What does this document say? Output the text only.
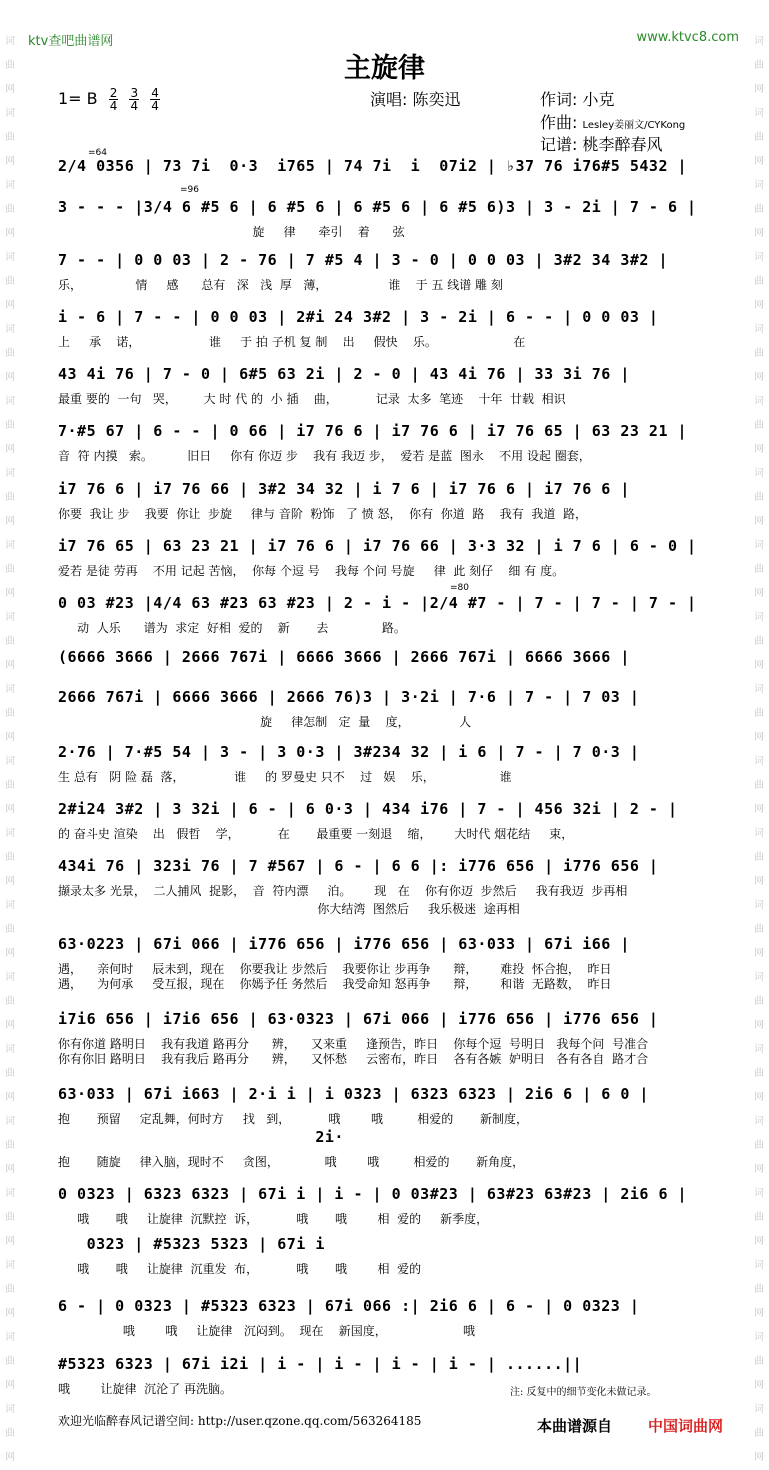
词曲网词曲网词曲网词曲网词曲网词曲网词曲网词曲网词曲网词曲网词曲网词曲网词曲网词曲网词曲网词曲网词曲网词曲网词曲网词曲网
词曲网词曲网词曲网词曲网词曲网词曲网词曲网词曲网词曲网词曲网词曲网词曲网词曲网词曲网词曲网词曲网词曲网词曲网词曲网词曲网
ktv查吧曲谱网	www.ktvc8.com
主旋律
1= B $\frac{2}{4}$
$\frac{3}{4}$
$\frac{4}{4}$	演唱: 陈奕迅	作词: 小克
作曲: Lesley姜丽文/CYKong
记谱: 桃李醉春风
=64
=96
=80
2/4 0356 | 73 7i  0·3  i765 | 74 7i  i  07i2 | ♭37 76 i76#5 5432 |
3 - - - |3/4 6 #5 6 | 6 #5 6 | 6 #5 6 | 6 #5 6)3 | 3 - 2i | 7 - 6 |
旋     律      牵引    着      弦
7 - - | 0 0 03 | 2 - 76 | 7 #5 4 | 3 - 0 | 0 0 03 | 3#2 34 3#2 |
乐，              情     感      总有   深   浅  厚   薄，                谁    于 五 线谱 雕 刻
i - 6 | 7 - - | 0 0 03 | 2#i 24 3#2 | 3 - 2i | 6 - - | 0 0 03 |
上     承    诺，                  谁     于 拍 子机 复 制    出     假快    乐。                    在
43 4i 76 | 7 - 0 | 6#5 63 2i | 2 - 0 | 43 4i 76 | 33 3i 76 |
最重 要的  一句   哭，       大 时 代 的  小 插    曲，          记录  太多  笔迹    十年  廿载  相识
7·#5 67 | 6 - - | 0 66 | i7 76 6 | i7 76 6 | i7 76 65 | 63 23 21 |
音  符 内摸   索。         旧日     你有 你迈 步    我有 我迈 步，  爱若 是蓝  图永    不用 设起 圈套，
i7 76 6 | i7 76 66 | 3#2 34 32 | i 7 6 | i7 76 6 | i7 76 6 |
你要  我让 步    我要  你让  步旋     律与 音阶  粉饰   了 愤 怒，  你有  你道  路    我有  我道  路，
i7 76 65 | 63 23 21 | i7 76 6 | i7 76 66 | 3·3 32 | i 7 6 | 6 - 0 |
爱若 是徒 劳再    不用 记起 苦恼，  你每 个逗 号    我每 个问 号旋     律  此 刻仔    细 有 度。
0 03 #23 |4/4 63 #23 63 #23 | 2 - i - |2/4 #7 - | 7 - | 7 - | 7 - |
动  人乐      谱为  求定  好相  爱的    新       去              路。
(6666 3666 | 2666 767i | 6666 3666 | 2666 767i | 6666 3666 |
2666 767i | 6666 3666 | 2666 76)3 | 3·2i | 7·6 | 7 - | 7 03 |
旋     律怎制   定  量    度，             人
2·76 | 7·#5 54 | 3 - | 3 0·3 | 3#234 32 | i 6 | 7 - | 7 0·3 |
生 总有   阴 险 磊  落，             谁     的 罗曼史 只不    过   娱    乐，                 谁
2#i24 3#2 | 3 32i | 6 - | 6 0·3 | 434 i76 | 7 - | 456 32i | 2 - |
的 奋斗史 渲染    出   假哲    学，          在       最重要 一刻退    缩，      大时代 烟花结     束，
434i 76 | 323i 76 | 7 #567 | 6 - | 6 6 |: i776 656 | i776 656 |
撷录太多 光景，  二人捕风  捉影，  音  符内漂     泊。      现   在    你有你迈  步然后     我有我迈  步再相
你大结湾  图然后     我乐极迷  途再相
63·0223 | 67i 066 | i776 656 | i776 656 | 63·033 | 67i i66 |
遇，    亲何时     辰未到，现在    你要我让 步然后    我要你让 步再争      辩，      难投  怀合抱，  昨日
遇，    为何承     受互报，现在    你嫣予任 务然后    我受命知 怒再争      辩，      和谐  无路数，  昨日
i7i6 656 | i7i6 656 | 63·0323 | 67i 066 | i776 656 | i776 656 |
你有你道 路明日    我有我道 路再分      辨，    又来重     逢预告，昨日    你每个逗  号明日   我每个问  号准合
你有你旧 路明日    我有我后 路再分      辨，    又怀愁     云密布，昨日    各有各嫉  妒明日   各有各自  路才合
63·033 | 67i i663 | 2·i i | i 0323 | 6323 6323 | 2i6 6 | 6 0 |
抱       预留     定乱舞，何时方     找   到，          哦        哦         相爱的       新制度，
2i·
抱       随旋     律入脑，现时不     贪图，            哦        哦         相爱的       新角度，
0 0323 | 6323 6323 | 67i i | i - | 0 03#23 | 63#23 63#23 | 2i6 6 |
哦       哦     让旋律  沉默控  诉，          哦       哦        相  爱的     新季度，
0323 | #5323 5323 | 67i i
哦       哦     让旋律  沉重发  布，          哦       哦        相  爱的
6 - | 0 0323 | #5323 6323 | 67i 066 :| 2i6 6 | 6 - | 0 0323 |
哦        哦     让旋律   沉闷到。  现在    新国度，                    哦
#5323 6323 | 67i i2i | i - | i - | i - | i - | ......||
哦        让旋律  沉沦了 再洗脑。	注: 反复中的细节变化未做记录。
欢迎光临醉春风记谱空间: http://user.qzone.qq.com/563264185	本曲谱源自 中国词曲网
